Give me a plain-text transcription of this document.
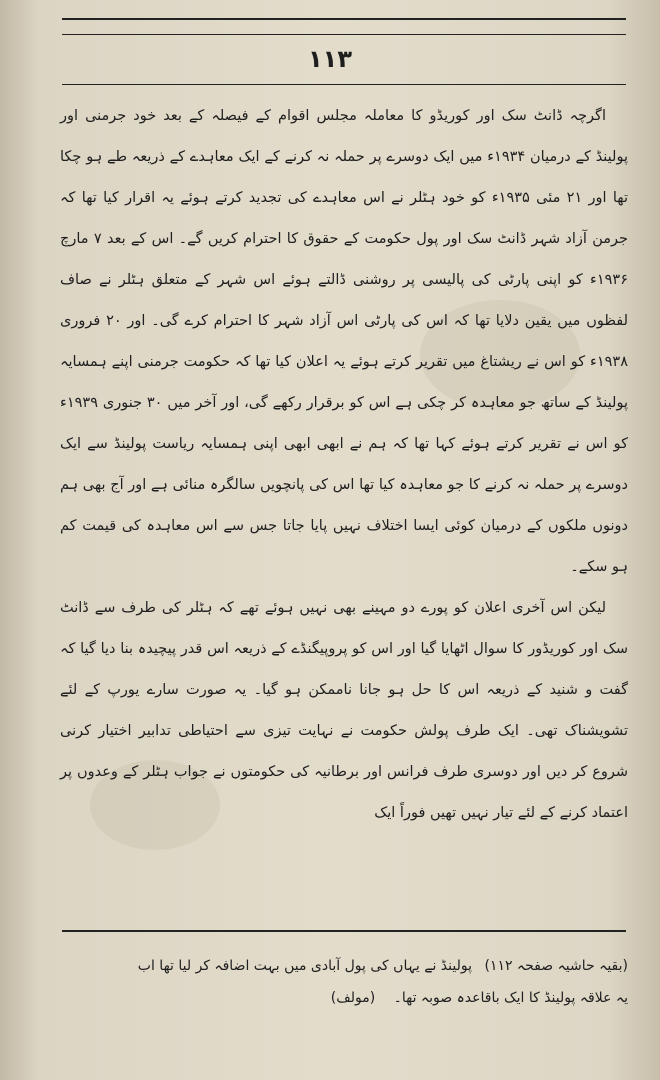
۱۱۳

اگرچہ ڈانٹ سک اور کوریڈو کا معاملہ مجلس اقوام کے فیصلہ کے بعد خود جرمنی اور پولینڈ کے درمیان ۱۹۳۴ء میں ایک دوسرے پر حملہ نہ کرنے کے ایک معاہدے کے ذریعہ طے ہو چکا تھا اور ۲۱ مئی ۱۹۳۵ء کو خود ہٹلر نے اس معاہدے کی تجدید کرتے ہوئے یہ اقرار کیا تھا کہ جرمن آزاد شہر ڈانٹ سک اور پول حکومت کے حقوق کا احترام کریں گے۔ اس کے بعد ۷ مارچ ۱۹۳۶ء کو اپنی پارٹی کی پالیسی پر روشنی ڈالتے ہوئے اس شہر کے متعلق ہٹلر نے صاف لفظوں میں یقین دلایا تھا کہ اس کی پارٹی اس آزاد شہر کا احترام کرے گی۔ اور ۲۰ فروری ۱۹۳۸ء کو اس نے ریشتاغ میں تقریر کرتے ہوئے یہ اعلان کیا تھا کہ حکومت جرمنی اپنے ہمسایہ پولینڈ کے ساتھ جو معاہدہ کر چکی ہے اس کو برقرار رکھے گی، اور آخر میں ۳۰ جنوری ۱۹۳۹ء کو اس نے تقریر کرتے ہوئے کہا تھا کہ ہم نے ابھی ابھی اپنی ہمسایہ ریاست پولینڈ سے ایک دوسرے پر حملہ نہ کرنے کا جو معاہدہ کیا تھا اس کی پانچویں سالگرہ منائی ہے اور آج بھی ہم دونوں ملکوں کے درمیان کوئی ایسا اختلاف نہیں پایا جاتا جس سے اس معاہدہ کی قیمت کم ہو سکے۔

لیکن اس آخری اعلان کو پورے دو مہینے بھی نہیں ہوئے تھے کہ ہٹلر کی طرف سے ڈانٹ سک اور کوریڈور کا سوال اٹھایا گیا اور اس کو پروپیگنڈے کے ذریعہ اس قدر پیچیدہ بنا دیا گیا کہ گفت و شنید کے ذریعہ اس کا حل ہو جانا ناممکن ہو گیا۔ یہ صورت سارے یورپ کے لئے تشویشناک تھی۔ ایک طرف پولش حکومت نے نہایت تیزی سے احتیاطی تدابیر اختیار کرنی شروع کر دیں اور دوسری طرف فرانس اور برطانیہ کی حکومتوں نے جواب ہٹلر کے وعدوں پر اعتماد کرنے کے لئے تیار نہیں تھیں فوراً ایک

(بقیہ حاشیہ صفحہ ۱۱۲) پولینڈ نے یہاں کی پول آبادی میں بہت اضافہ کر لیا تھا اب
یہ علاقہ پولینڈ کا ایک باقاعدہ صوبہ تھا۔ (مولف)
